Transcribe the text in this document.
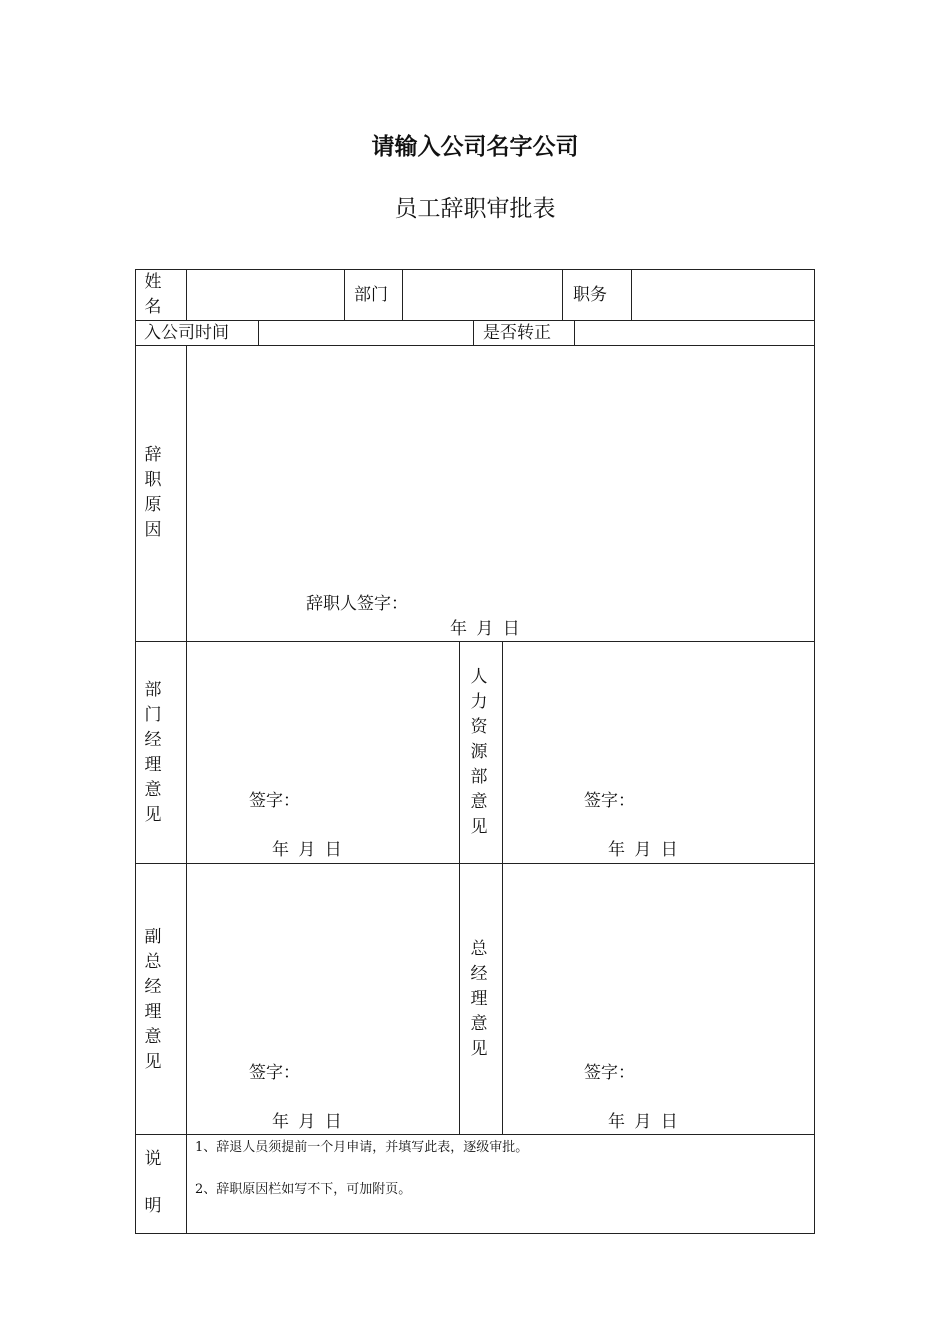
请输入公司名字公司
员工辞职审批表
姓名
部门	职务
入公司时间	是否转正
辞职原因
辞职人签字：
年 月 日
部门经理意见
签字：
年 月 日
人力资源部意见
签字：
年 月 日
副总经理意见
签字：
年 月 日
总经理意见
签字：
年 月 日
说明
1、辞退人员须提前一个月申请，并填写此表，逐级审批。
2、辞职原因栏如写不下，可加附页。
